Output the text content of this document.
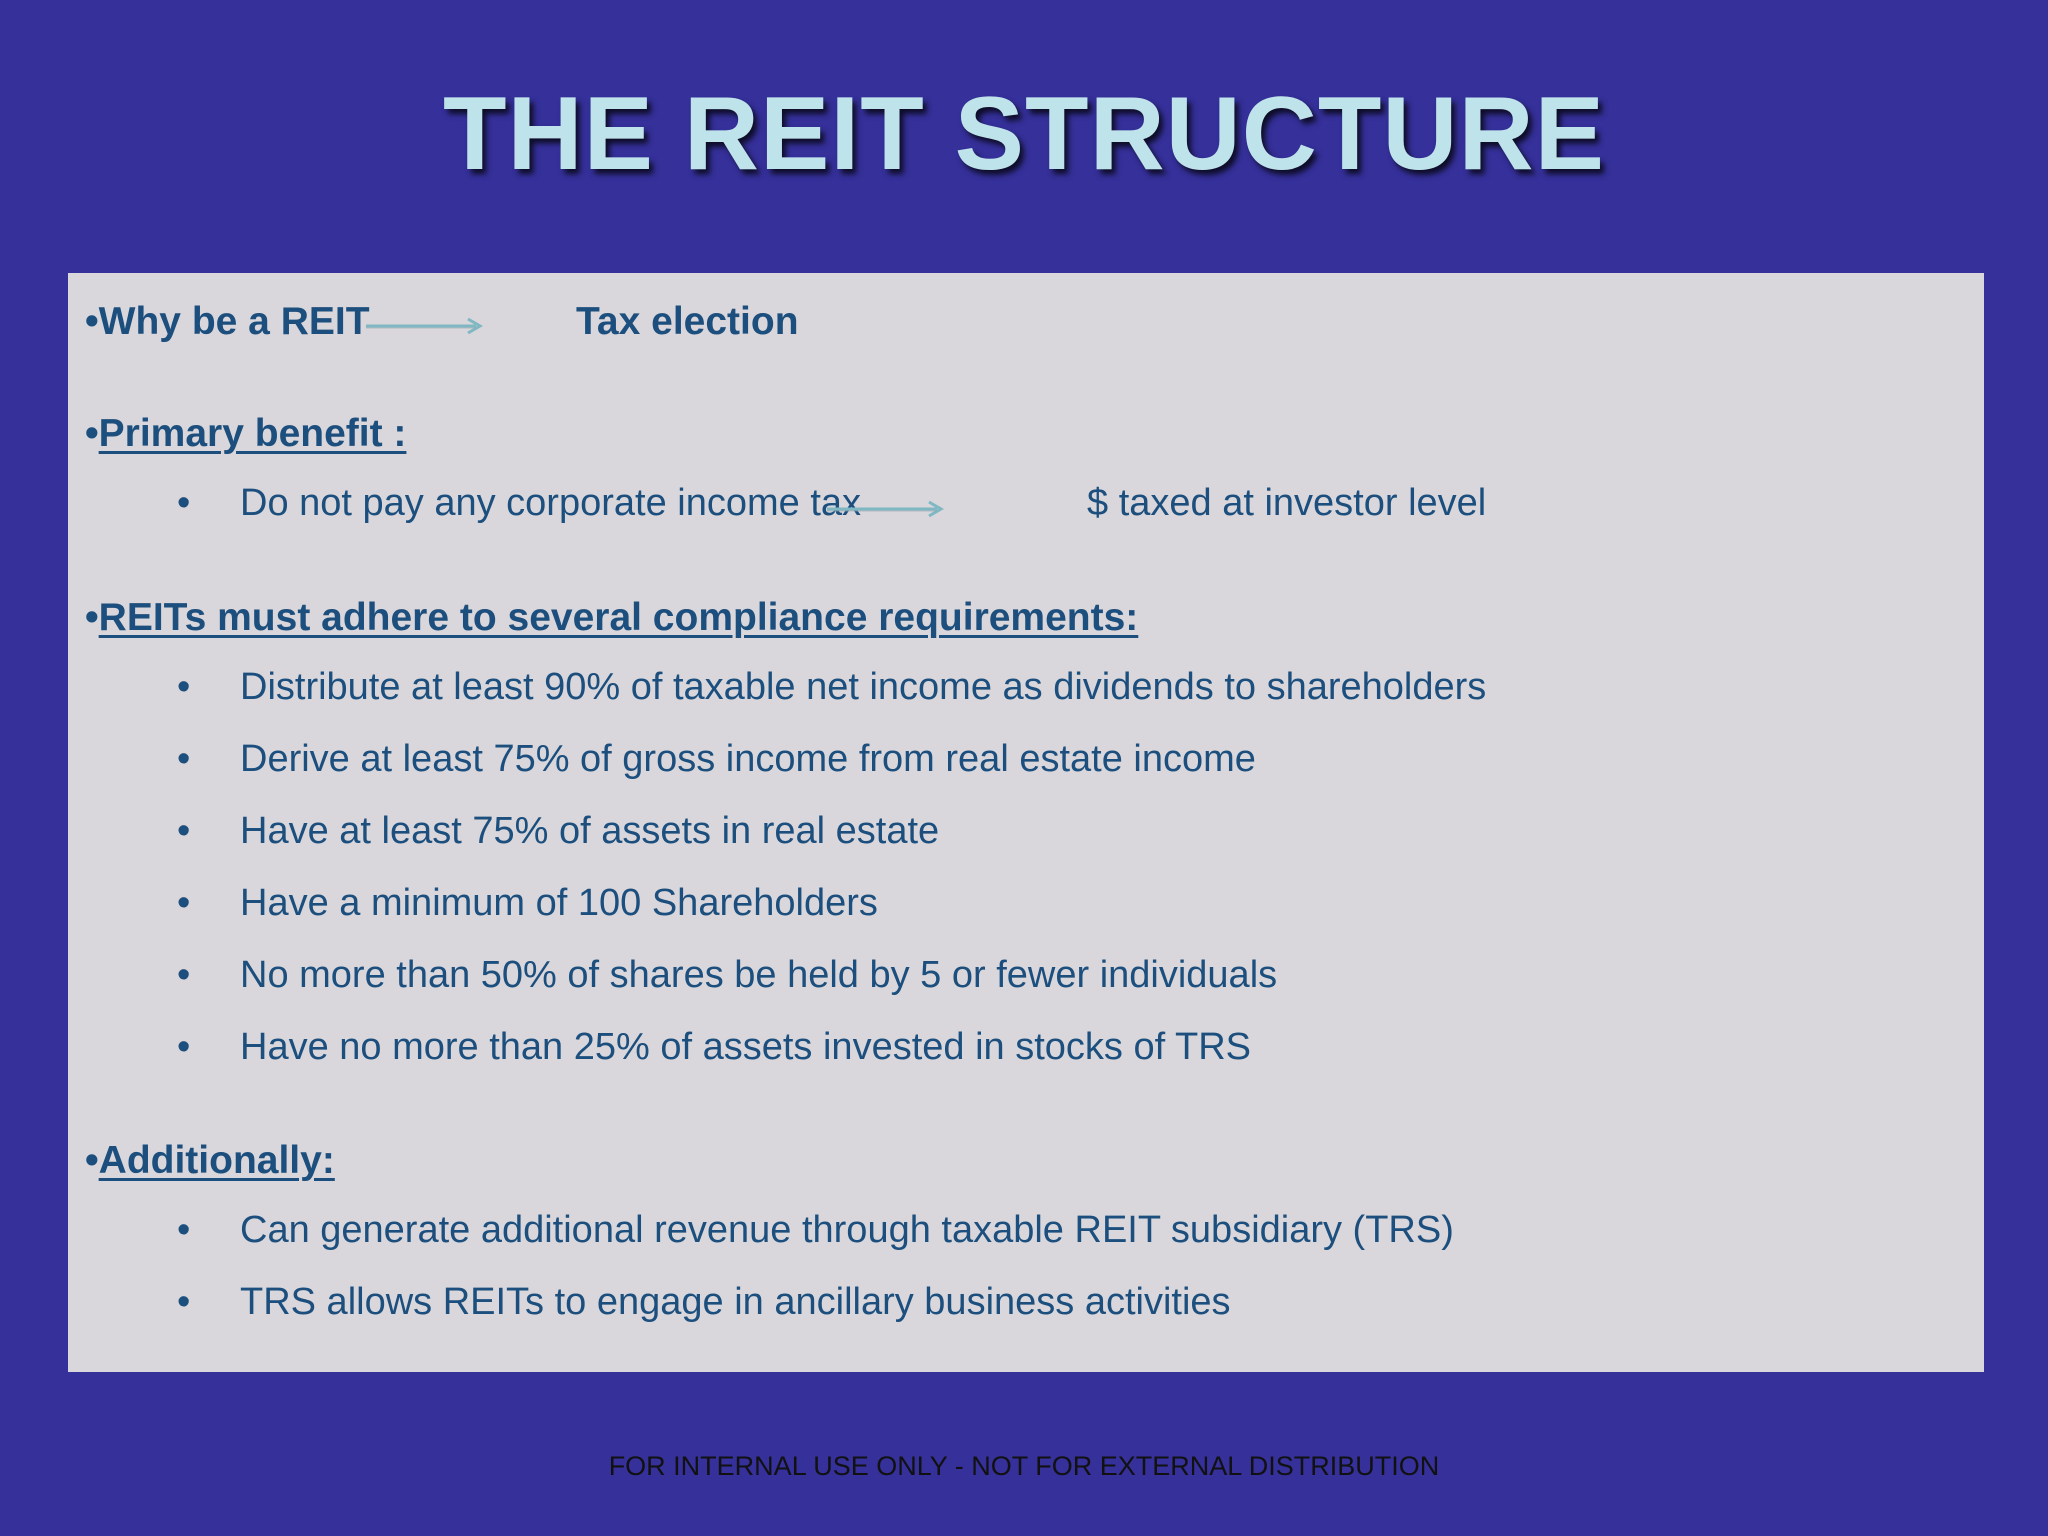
THE REIT STRUCTURE
•Why be a REIT	Tax election
•Primary benefit :
• Do not pay any corporate income tax	$ taxed at investor level
•REITs must adhere to several compliance requirements:
• Distribute at least 90% of taxable net income as dividends to shareholders
• Derive at least 75% of gross income from real estate income
• Have at least 75% of assets in real estate
• Have a minimum of 100 Shareholders
• No more than 50% of shares be held by 5 or fewer individuals
• Have no more than 25% of assets invested in stocks of TRS
•Additionally:
• Can generate additional revenue through taxable REIT subsidiary (TRS)
• TRS allows REITs to engage in ancillary business activities
FOR INTERNAL USE ONLY - NOT FOR EXTERNAL DISTRIBUTION
